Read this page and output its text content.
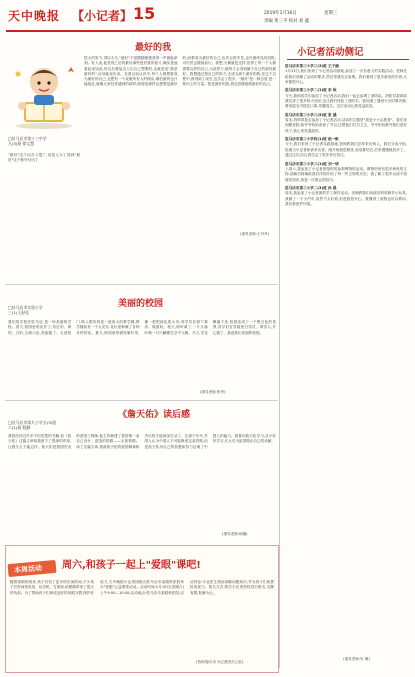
天中晚报 【小记者】 15	2019年1月16日	星期三
责编 黄三平 校对 刘 鑫
最好的我
□驻马店市第十三中学
九(3)班 徐文慧
"最好"这个词含义很广,说是人为了得到"最好"这个称号付出了
很大的努力,得以永久,"最好"不是随随便便获得一声就能拿到。有人说,他发现之后的最好那些是有我的意义,确实是他看起来如此,所以总要接近人们自己想要的,也就是说"我是最好的",应该能说出来。在我目前认识中,每个人都想要成为最好的自己,也想有一个说服所有人的理由,哪怕最终也只能接近,就像大家经常遇到的那样,即便是那样也想要是最好的,而要成为最好的自己,也许会很辛苦,也许最终没有回报,可仍然会继续前行。我想,大概就是这样,世界上每一个人都需要这样的自己,为此努力,最终才会得到属于自己的那份最好。我想通过我自己的努力,去成为那个最好的我,在这个过程中,我得到了成长,也学会了很多。"最好"是一种态度,是一种向上的力量。我是最好的我,我也将继续做最好的自己。
(指导老师:王丹丹)
美丽的校园
□驻马店市实验小学
三(1)王舒佳
我们的学校在驻马店,是一所美丽的学校。春天,校园里的花开了,有红的、黄的、白的,五颜六色,美丽极了。走进校门,映入眼帘的是一座高大的教学楼,教学楼前有一个大花坛,花坛里种满了各种各样的花。夏天,校园里的树枝繁叶茂,像一把把绿色的大伞,同学们在树下乘凉、做游戏。秋天,树叶黄了,一片片落叶像一只只蝴蝶在空中飞舞。冬天,雪花飘落下来,校园变成了一个银白色的世界,同学们在雪地里打雪仗、堆雪人,开心极了。我爱我们美丽的校园。
(指导老师:张华)
《詹天佑》读后感
□驻马店市第九小学五(3)班
六(1)班 程静
我曾经读过许多不同类型的书籍,但《詹天佑》这篇文章给我留下了很深的印象,让我久久不能忘怀。詹天佑是我国杰出的爱国工程师,他主持修建了我国第一条自己设计、建造的铁路——京张铁路。读了这篇文章,我被詹天佑的爱国精神和杰出的才能深深打动了。在那个年代,外国人认为中国人不可能修成这条铁路,但是詹天佑用自己的智慧和努力证明了中国人的能力。我要向詹天佑学习,从小好好学习,长大后为祖国做出自己的贡献。
(指导老师:杨娜)
本周活动 周六,和孩子一起上"爱眼"课吧!
随着寒假的到来,孩子们有了更多的空闲时间,不少孩子长时间看电视、玩手机、打游戏,给眼睛带来了很大的负担。为了帮助孩子们养成良好的用眼习惯,保护好视力,天中晚报小记者团联合驻马店市某眼科医院举办"爱眼"公益课堂活动。活动时间:1月19日(星期六)上午9:00—10:00;活动地点:驻马店市某眼科医院;活动内容:专业医生现场讲解用眼知识,并为孩子们免费检查视力。报名方式:拨打小记者热线进行报名,名额有限,报满为止。
(咨询电话:市小记者团办公室)
小记者活动侧记

驻马店市第三小学三(3)班 王子涵

1月13日,我们来到了小记者活动基地,参加了一次有意义的实践活动。老师先给我们讲解了活动的要求,然后带我们去参观。我们看到了很多新奇的东西,大家都很开心。

驻马店市第三小学二(1)班 李 欣

今天,我和同学们参加了小记者活动,我们一起去参观了消防队。消防员叔叔给我们讲了很多防火知识,还让我们体验了消防车。我知道了遇到火灾时要冷静,要用湿毛巾捂住口鼻,弯腰逃生。这次活动让我受益匪浅。

驻马店市第三小学三(5)班 张 涵

周末,妈妈带我去参加了小记者活动,活动的主题是"我是小小志愿者"。我们来到敬老院,给爷爷奶奶表演了节目,还帮他们打扫卫生。爷爷奶奶都夸我们是好孩子,我心里美滋滋的。

驻马店市第三小学四(1)班 赵一帆

今天,我们来到了小记者实践基地,老师教我们怎样采访别人。我们分成小组,轮流当小记者和被采访者。刚开始我很紧张,说话都结巴,后来慢慢就放开了。通过这次活动,我学会了很多采访技巧。

驻马店市第三小学三(1)班 刘一诺

上周六,我参加了小记者团组织的参观博物馆活动。博物馆里有很多珍贵的文物,讲解员阿姨给我们详细介绍了每一件文物的历史。我了解了很多以前不知道的知识,真是一次难忘的经历。

驻马店市第三小学二(3)班 孙 晨

周末,我参加了小记者团的手工制作活动。老师教我们用废旧材料制作小玩具,我做了一个小汽车,虽然不太好看,但是我很开心。我懂得了废物也可以利用,我们要爱护环境。

(指导老师:朱 琳)
